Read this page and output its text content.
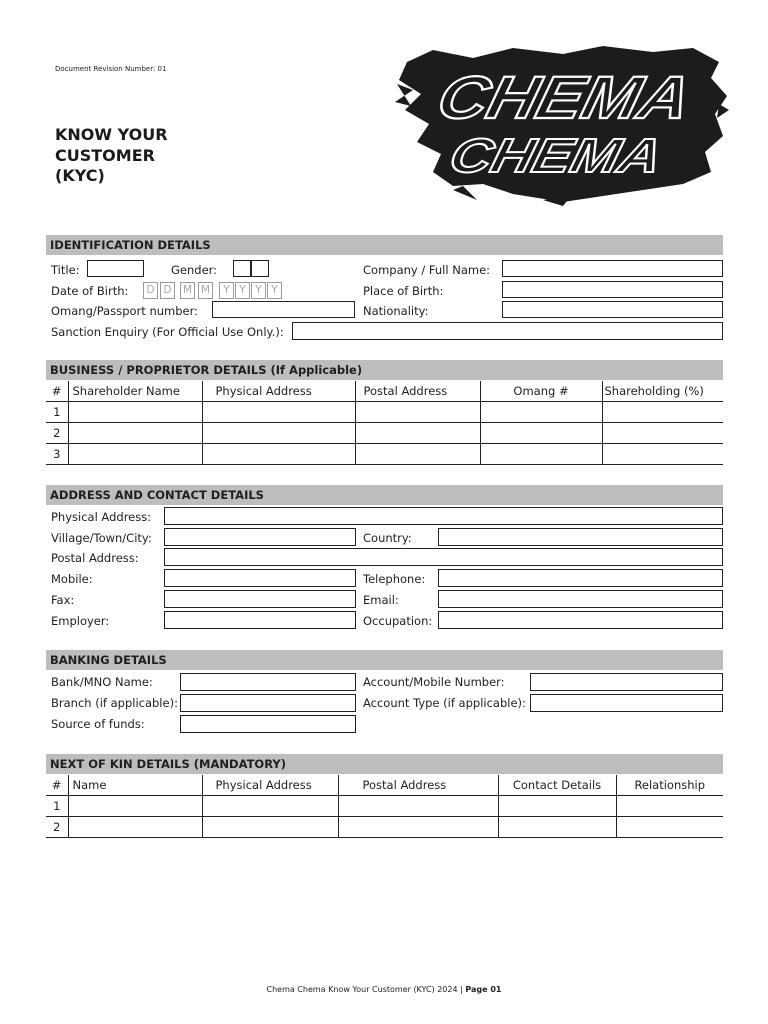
Document Revision Number: 01
KNOW YOUR
CUSTOMER
(KYC)
CHEMA
CHEMA
IDENTIFICATION DETAILS
Title:	Gender:	Company / Full Name:
Date of Birth:	D D	M M	Y Y Y Y	Place of Birth:
Omang/Passport number:	Nationality:
Sanction Enquiry (For Official Use Only.):
BUSINESS / PROPRIETOR DETAILS (If Applicable)
#	Shareholder Name	Physical Address	Postal Address	Omang #	Shareholding (%)
1					
2					
3					
ADDRESS AND CONTACT DETAILS
Physical Address:
Village/Town/City:	Country:
Postal Address:
Mobile:	Telephone:
Fax:	Email:
Employer:	Occupation:
BANKING DETAILS
Bank/MNO Name:	Account/Mobile Number:
Branch (if applicable):	Account Type (if applicable):
Source of funds:
NEXT OF KIN DETAILS (MANDATORY)
#	Name	Physical Address	Postal Address	Contact Details	Relationship
1					
2					
Chema Chema Know Your Customer (KYC) 2024 | Page 01
